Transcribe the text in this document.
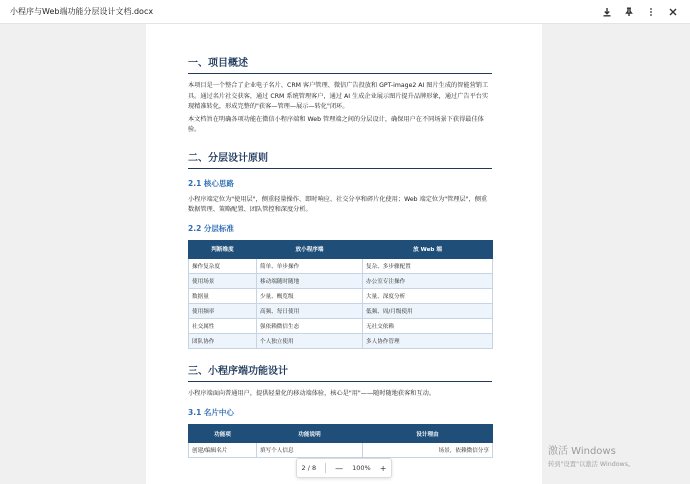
小程序与Web端功能分层设计文档.docx
一、项目概述

本项目是一个整合了企业电子名片、CRM 客户管理、微信广告投放和 GPT-image2 AI 图片生成的智能营销工具。通过名片社交获客，通过 CRM 系统管理客户，通过 AI 生成企业展示图片提升品牌形象，通过广告平台实现精准转化，形成完整的"获客—管理—展示—转化"闭环。

本文档旨在明确各项功能在微信小程序端和 Web 管理端之间的分层设计，确保用户在不同场景下获得最佳体验。

二、分层设计原则
2.1 核心思路

小程序端定位为"使用层"，侧重轻量操作、即时响应、社交分享和碎片化使用；Web 端定位为"管理层"，侧重数据管理、策略配置、团队管控和深度分析。

2.2 分层标准
判断维度	放小程序端	放 Web 端
操作复杂度	简单、单步操作	复杂、多步骤配置
使用场景	移动端随时随地	办公室专注操作
数据量	少量、概览级	大量、深度分析
使用频率	高频、每日使用	低频、周/月级使用
社交属性	强依赖微信生态	无社交依赖
团队协作	个人独立使用	多人协作管理
三、小程序端功能设计

小程序端面向普通用户，提供轻量化的移动端体验，核心是"用"——随时随地获客和互动。

3.1 名片中心
功能项	功能说明	设计理由
创建/编辑名片	填写个人信息	场景，依赖微信分享
2 / 8 — 100% +
激活 Windows
转到"设置"以激活 Windows。
